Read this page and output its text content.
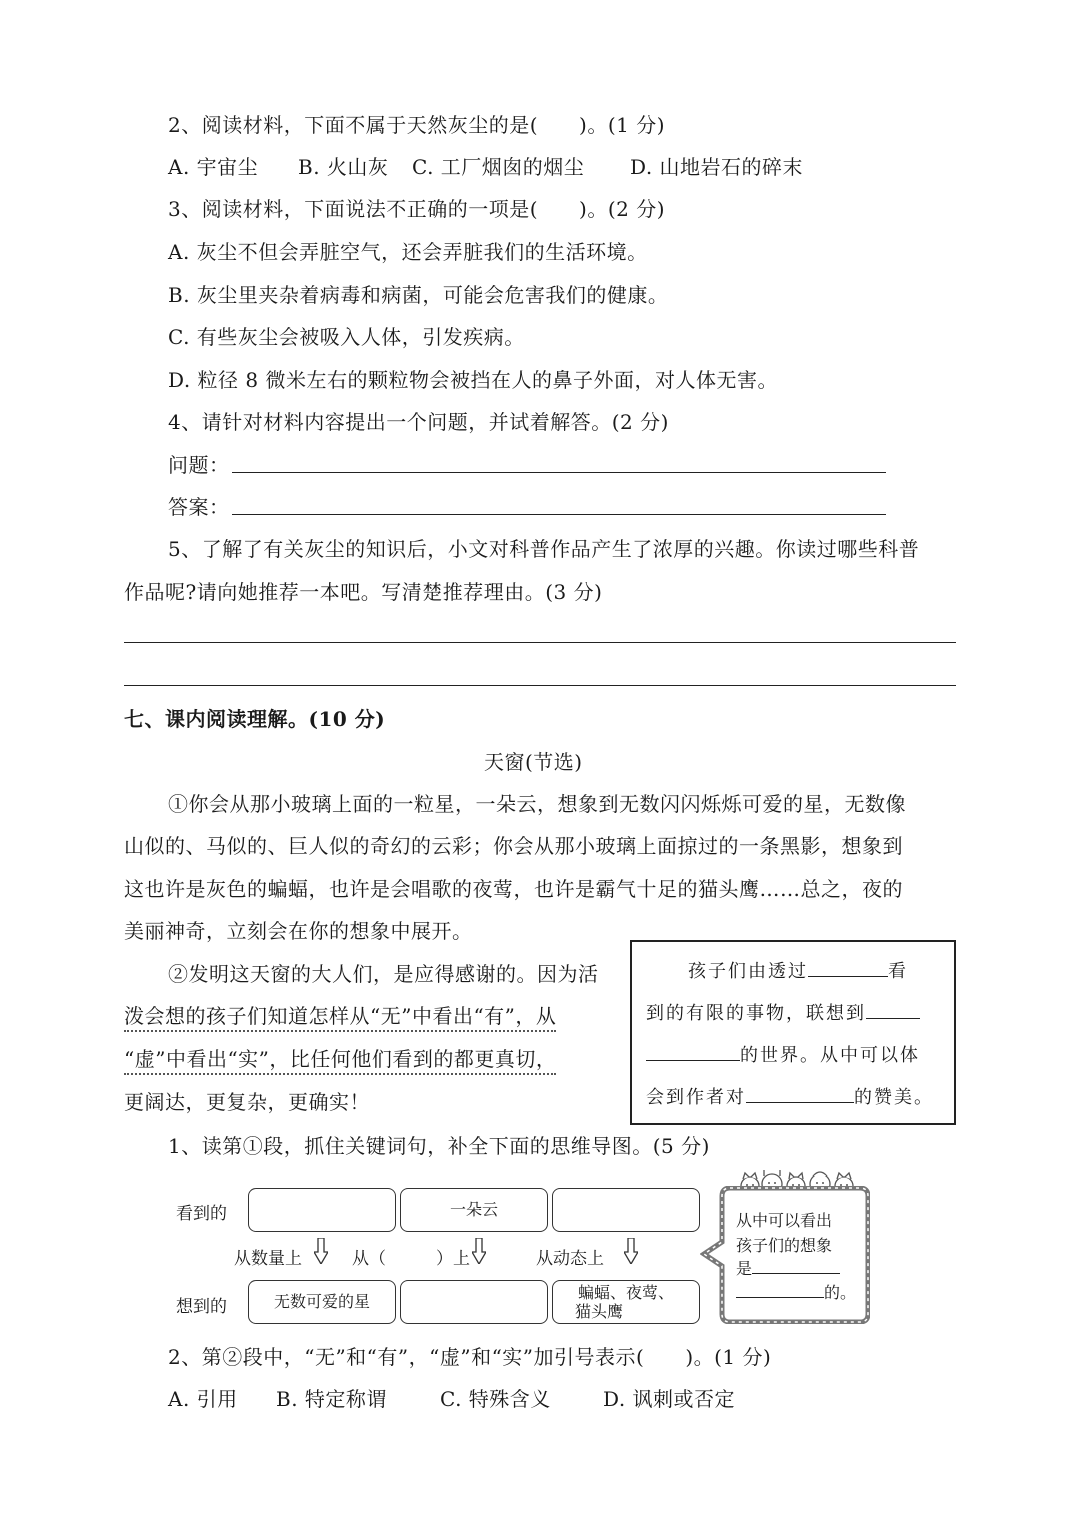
2、阅读材料，下面不属于天然灰尘的是(　　)。(1 分)
A. 宇宙尘 B. 火山灰 C. 工厂烟囱的烟尘 D. 山地岩石的碎末
3、阅读材料，下面说法不正确的一项是(　　)。(2 分)
A. 灰尘不但会弄脏空气，还会弄脏我们的生活环境。
B. 灰尘里夹杂着病毒和病菌，可能会危害我们的健康。
C. 有些灰尘会被吸入人体，引发疾病。
D. 粒径 8 微米左右的颗粒物会被挡在人的鼻子外面，对人体无害。
4、请针对材料内容提出一个问题，并试着解答。(2 分)
问题：
答案：
5、了解了有关灰尘的知识后，小文对科普作品产生了浓厚的兴趣。你读过哪些科普
作品呢?请向她推荐一本吧。写清楚推荐理由。(3 分)
七、课内阅读理解。(10 分)
天窗(节选)
①你会从那小玻璃上面的一粒星，一朵云，想象到无数闪闪烁烁可爱的星，无数像
山似的、马似的、巨人似的奇幻的云彩；你会从那小玻璃上面掠过的一条黑影，想象到
这也许是灰色的蝙蝠，也许是会唱歌的夜莺，也许是霸气十足的猫头鹰……总之，夜的
美丽神奇，立刻会在你的想象中展开。
②发明这天窗的大人们，是应得感谢的。因为活
泼会想的孩子们知道怎样从“无”中看出“有”，从
“虚”中看出“实”，比任何他们看到的都更真切，
更阔达，更复杂，更确实！
孩子们由透过	看
到的有限的事物，联想到
的世界。从中可以体
会到作者对	的赞美。
1、读第①段，抓住关键词句，补全下面的思维导图。(5 分)
看到的	一朵云
从数量上	从（	）上	从动态上
想到的	无数可爱的星	蝙蝠、夜莺、
猫头鹰
从中可以看出
孩子们的想象
是
的。
2、第②段中，“无”和“有”，“虚”和“实”加引号表示(　　)。(1 分)
A. 引用 B. 特定称谓	C. 特殊含义	D. 讽刺或否定
